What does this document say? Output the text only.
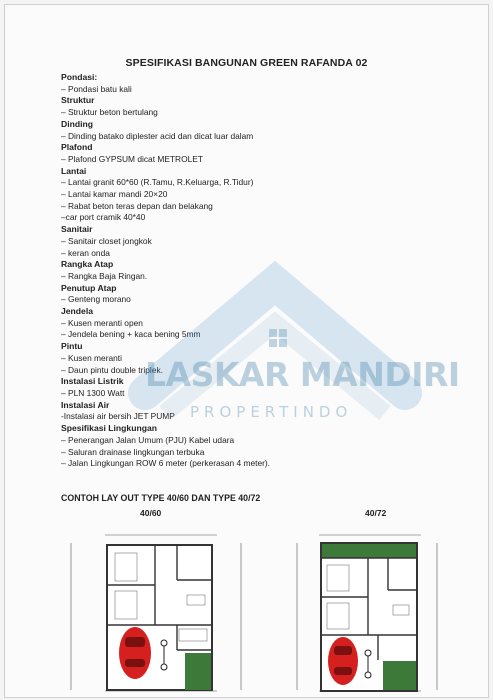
SPESIFIKASI BANGUNAN GREEN RAFANDA 02
Pondasi:
– Pondasi batu kali
Struktur
– Struktur beton bertulang
Dinding
– Dinding batako diplester acid dan dicat luar dalam
Plafond
– Plafond GYPSUM dicat METROLET
Lantai
– Lantai granit 60*60 (R.Tamu, R.Keluarga, R.Tidur)
– Lantai kamar mandi 20×20
– Rabat beton teras depan dan belakang
–car port cramik 40*40
Sanitair
– Sanitair closet jongkok
– keran onda
Rangka Atap
– Rangka Baja Ringan.
Penutup Atap
– Genteng morano
Jendela
– Kusen meranti open
– Jendela bening + kaca bening 5mm
Pintu
– Kusen meranti
– Daun pintu double triplek.
Instalasi Listrik
– PLN 1300 Watt
Instalasi Air
-Instalasi air bersih JET PUMP
Spesifikasi Lingkungan
– Penerangan Jalan Umum (PJU) Kabel udara
– Saluran drainase lingkungan terbuka
– Jalan Lingkungan ROW 6 meter (perkerasan 4 meter).
LASKAR MANDIRI
PROPERTINDO
CONTOH LAY OUT TYPE 40/60 DAN TYPE 40/72
40/60	40/72
